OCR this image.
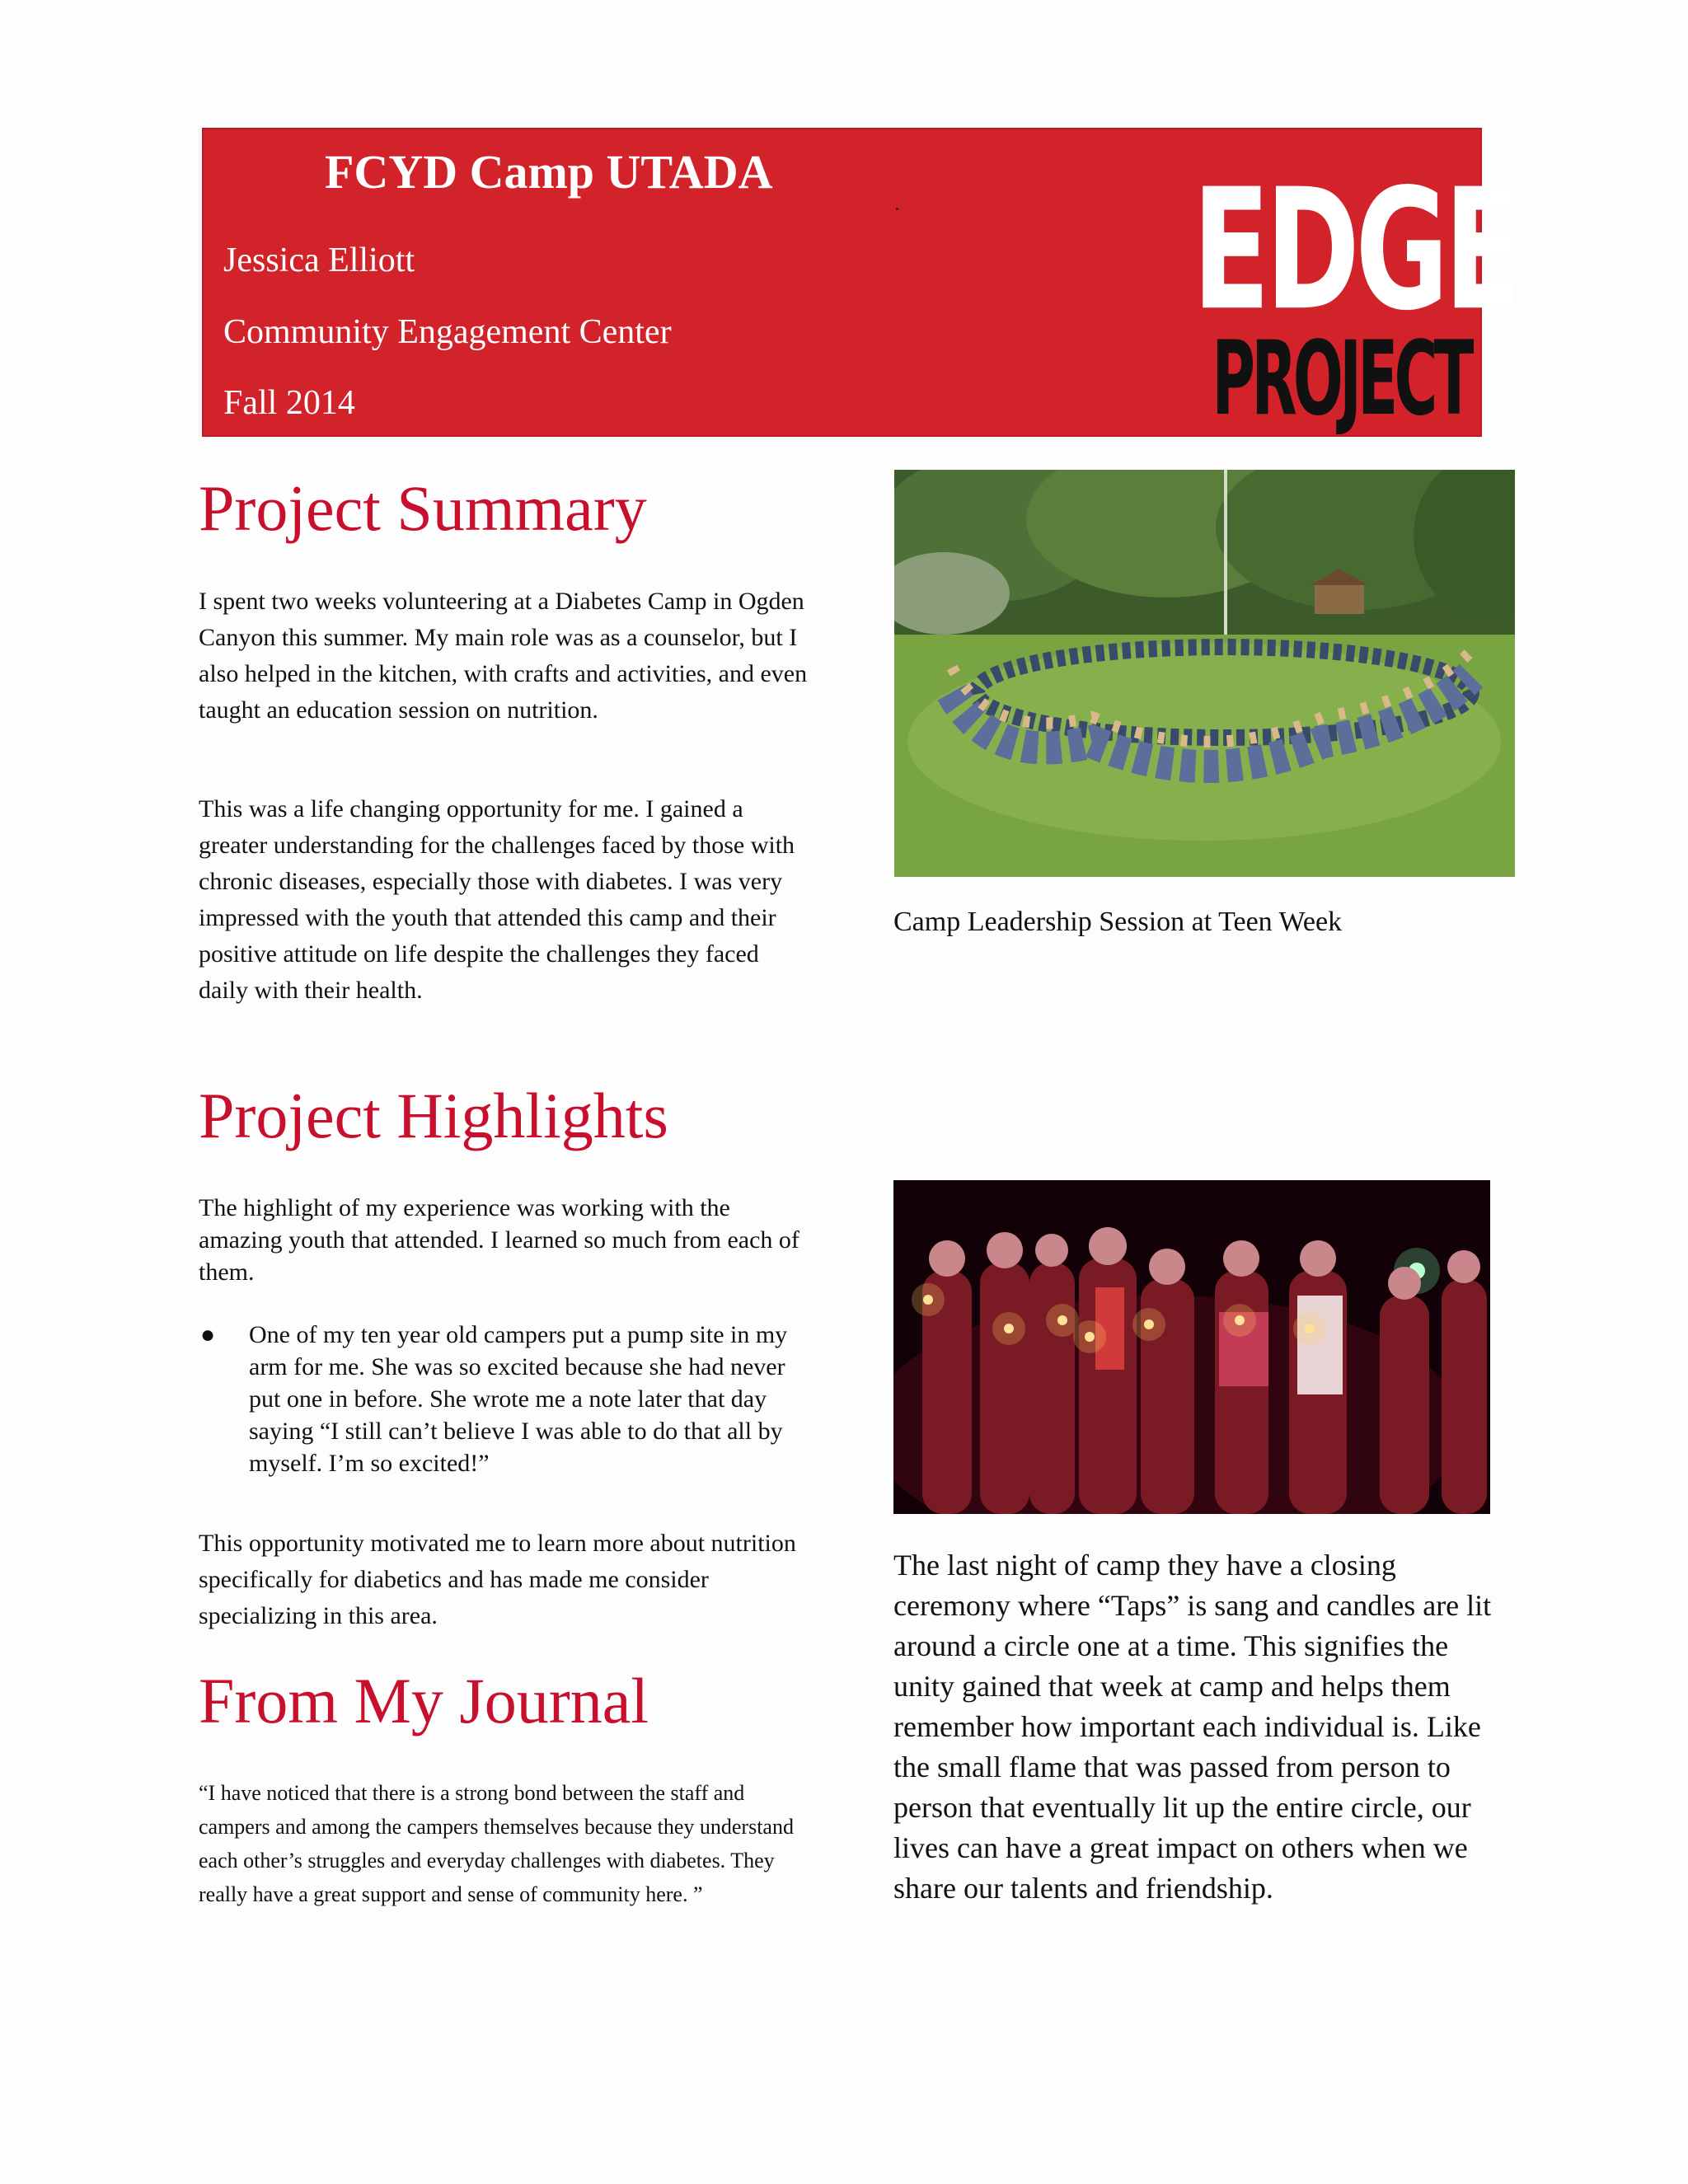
FCYD Camp UTADA
Jessica Elliott
Community Engagement Center
Fall 2014
EDGE
PROJECT
Project Summary

I spent two weeks volunteering at a Diabetes Camp in Ogden Canyon this summer. My main role was as a counselor, but I also helped in the kitchen, with crafts and activities, and even taught an education session on nutrition.

This was a life changing opportunity for me. I gained a greater understanding for the challenges faced by those with chronic diseases, especially those with diabetes. I was very impressed with the youth that attended this camp and their positive attitude on life despite the challenges they faced daily with their health.

Project Highlights

The highlight of my experience was working with the amazing youth that attended. I learned so much from each of them.

● One of my ten year old campers put a pump site in my arm for me. She was so excited because she had never put one in before. She wrote me a note later that day saying “I still can’t believe I was able to do that all by myself. I’m so excited!”

This opportunity motivated me to learn more about nutrition specifically for diabetics and has made me consider specializing in this area.

From My Journal

“I have noticed that there is a strong bond between the staff and campers and among the campers themselves because they understand each other’s struggles and everyday challenges with diabetes. They really have a great support and sense of community here. ”

Camp Leadership Session at Teen Week

The last night of camp they have a closing ceremony where “Taps” is sang and candles are lit around a circle one at a time. This signifies the unity gained that week at camp and helps them remember how important each individual is. Like the small flame that was passed from person to person that eventually lit up the entire circle, our lives can have a great impact on others when we share our talents and friendship.
